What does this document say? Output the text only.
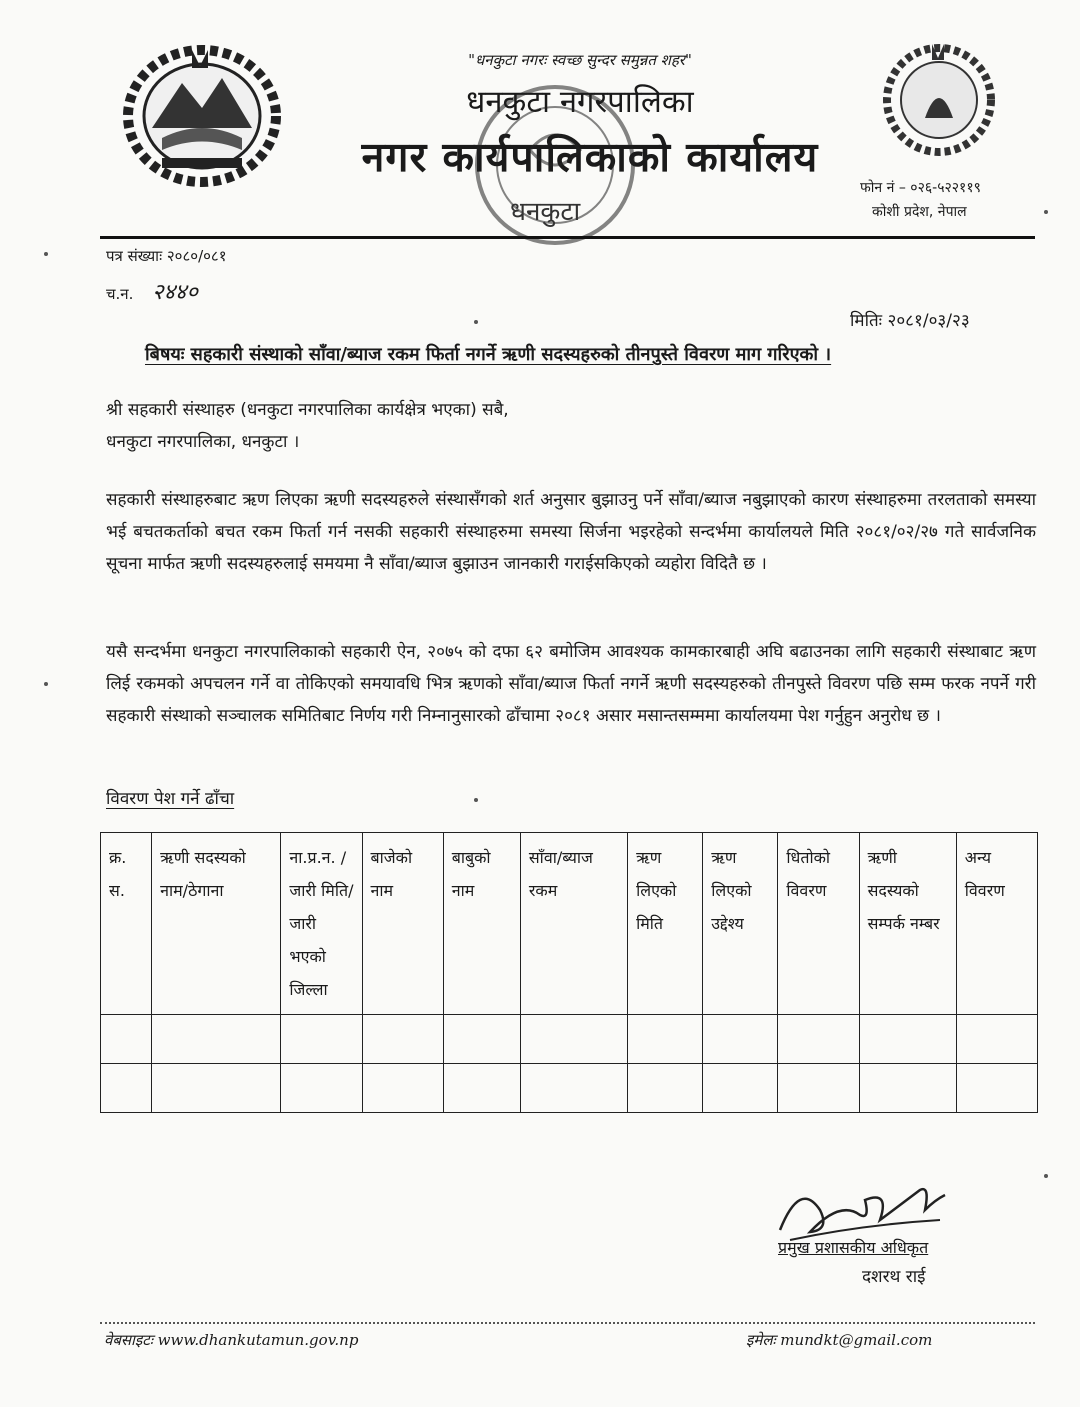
"धनकुटा नगरः स्वच्छ सुन्दर समुन्नत शहर"
धनकुटा नगरपालिका
नगर कार्यपालिकाको कार्यालय
धनकुटा
फोन नं – ०२६-५२२११९
कोशी प्रदेश, नेपाल
पत्र संख्याः २०८०/०८१
च.न. २४४०
मितिः २०८१/०३/२३
बिषयः सहकारी संस्थाको साँवा/ब्याज रकम फिर्ता नगर्ने ऋणी सदस्यहरुको तीनपुस्ते विवरण माग गरिएको ।
श्री सहकारी संस्थाहरु (धनकुटा नगरपालिका कार्यक्षेत्र भएका) सबै,
धनकुटा नगरपालिका, धनकुटा ।
सहकारी संस्थाहरुबाट ऋण लिएका ऋणी सदस्यहरुले संस्थासँगको शर्त अनुसार बुझाउनु पर्ने साँवा/ब्याज नबुझाएको कारण संस्थाहरुमा तरलताको समस्या भई बचतकर्ताको बचत रकम फिर्ता गर्न नसकी सहकारी संस्थाहरुमा समस्या सिर्जना भइरहेको सन्दर्भमा कार्यालयले मिति २०८१/०२/२७ गते सार्वजनिक सूचना मार्फत ऋणी सदस्यहरुलाई समयमा नै साँवा/ब्याज बुझाउन जानकारी गराईसकिएको व्यहोरा विदितै छ ।
यसै सन्दर्भमा धनकुटा नगरपालिकाको सहकारी ऐन, २०७५ को दफा ६२ बमोजिम आवश्यक कामकारबाही अघि बढाउनका लागि सहकारी संस्थाबाट ऋण लिई रकमको अपचलन गर्ने वा तोकिएको समयावधि भित्र ऋणको साँवा/ब्याज फिर्ता नगर्ने ऋणी सदस्यहरुको तीनपुस्ते विवरण पछि सम्म फरक नपर्ने गरी सहकारी संस्थाको सञ्चालक समितिबाट निर्णय गरी निम्नानुसारको ढाँचामा २०८१ असार मसान्तसम्ममा कार्यालयमा पेश गर्नुहुन अनुरोध छ ।
विवरण पेश गर्ने ढाँचा
क्र. स.	ऋणी सदस्यको नाम/ठेगाना	ना.प्र.न. / जारी मिति/ जारी भएको जिल्ला	बाजेको नाम	बाबुको नाम	साँवा/ब्याज रकम	ऋण लिएको मिति	ऋण लिएको उद्देश्य	धितोको विवरण	ऋणी सदस्यको सम्पर्क नम्बर	अन्य विवरण

प्रमुख प्रशासकीय अधिकृत
दशरथ राई
वेबसाइटः www.dhankutamun.gov.np	इमेलः mundkt@gmail.com
